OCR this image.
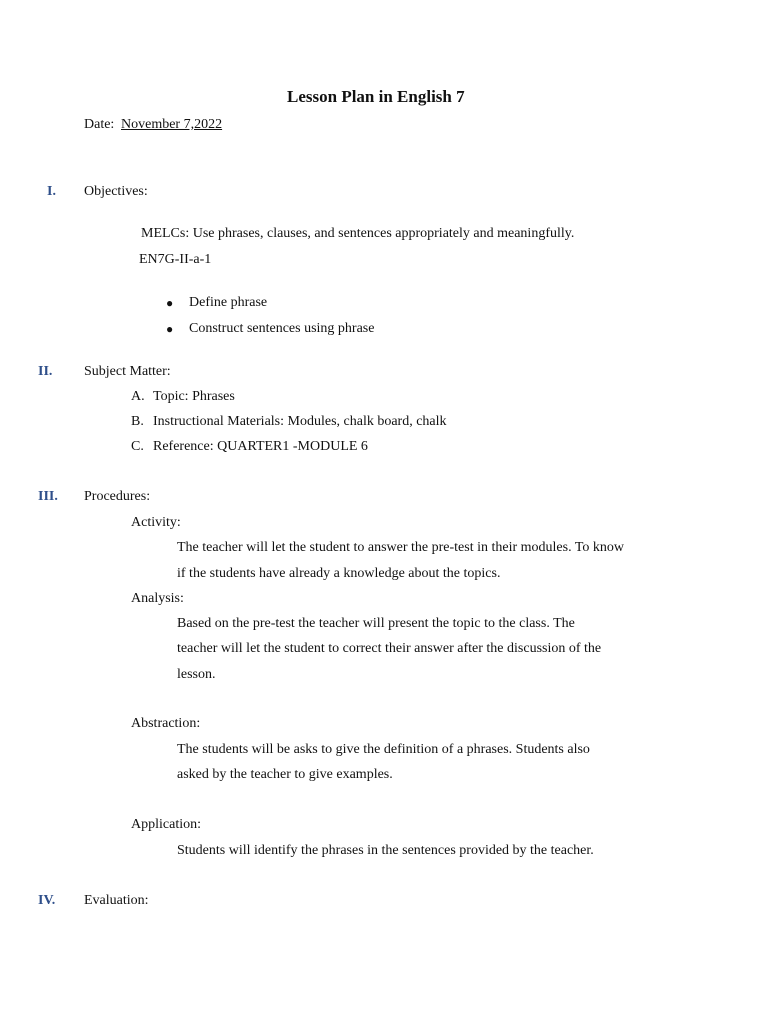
Lesson Plan in English 7
Date: November 7,2022
I. Objectives:
MELCs: Use phrases, clauses, and sentences appropriately and meaningfully.
EN7G-II-a-1
● Define phrase
● Construct sentences using phrase
II. Subject Matter:
A. Topic: Phrases
B. Instructional Materials: Modules, chalk board, chalk
C. Reference: QUARTER1 -MODULE 6
III. Procedures:
Activity:
The teacher will let the student to answer the pre-test in their modules. To know
if the students have already a knowledge about the topics.
Analysis:
Based on the pre-test the teacher will present the topic to the class. The
teacher will let the student to correct their answer after the discussion of the
lesson.
Abstraction:
The students will be asks to give the definition of a phrases. Students also
asked by the teacher to give examples.
Application:
Students will identify the phrases in the sentences provided by the teacher.
IV. Evaluation:
